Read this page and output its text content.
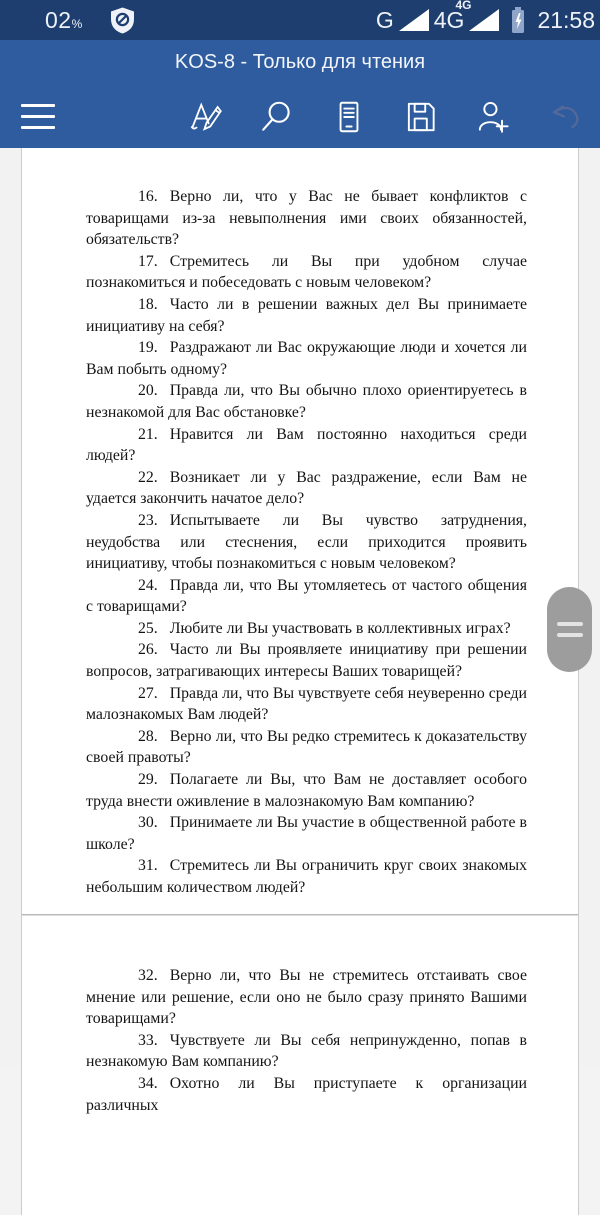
02%	G 4G
4G
21:58
KOS-8 - Только для чтения

16. Верно ли, что у Вас не бывает конфликтов с товарищами из-за невыполнения ими своих обязанностей, обязательств?

17. Стремитесь ли Вы при удобном случае познакомиться и побеседовать с новым человеком?

18. Часто ли в решении важных дел Вы принимаете инициативу на себя?

19. Раздражают ли Вас окружающие люди и хочется ли Вам побыть одному?

20. Правда ли, что Вы обычно плохо ориентируетесь в незнакомой для Вас обстановке?

21. Нравится ли Вам постоянно находиться среди людей?

22. Возникает ли у Вас раздражение, если Вам не удается закончить начатое дело?

23. Испытываете ли Вы чувство затруднения, неудобства или стеснения, если приходится проявить инициативу, чтобы познакомиться с новым человеком?

24. Правда ли, что Вы утомляетесь от частого общения с товарищами?

25. Любите ли Вы участвовать в коллективных играх?

26. Часто ли Вы проявляете инициативу при решении вопросов, затрагивающих интересы Ваших товарищей?

27. Правда ли, что Вы чувствуете себя неуверенно среди малознакомых Вам людей?

28. Верно ли, что Вы редко стремитесь к доказательству своей правоты?

29. Полагаете ли Вы, что Вам не доставляет особого труда внести оживление в малознакомую Вам компанию?

30. Принимаете ли Вы участие в общественной работе в школе?

31. Стремитесь ли Вы ограничить круг своих знакомых небольшим количеством людей?

32. Верно ли, что Вы не стремитесь отстаивать свое мнение или решение, если оно не было сразу принято Вашими товарищами?

33. Чувствуете ли Вы себя непринужденно, попав в незнакомую Вам компанию?

34. Охотно ли Вы приступаете к организации различных
